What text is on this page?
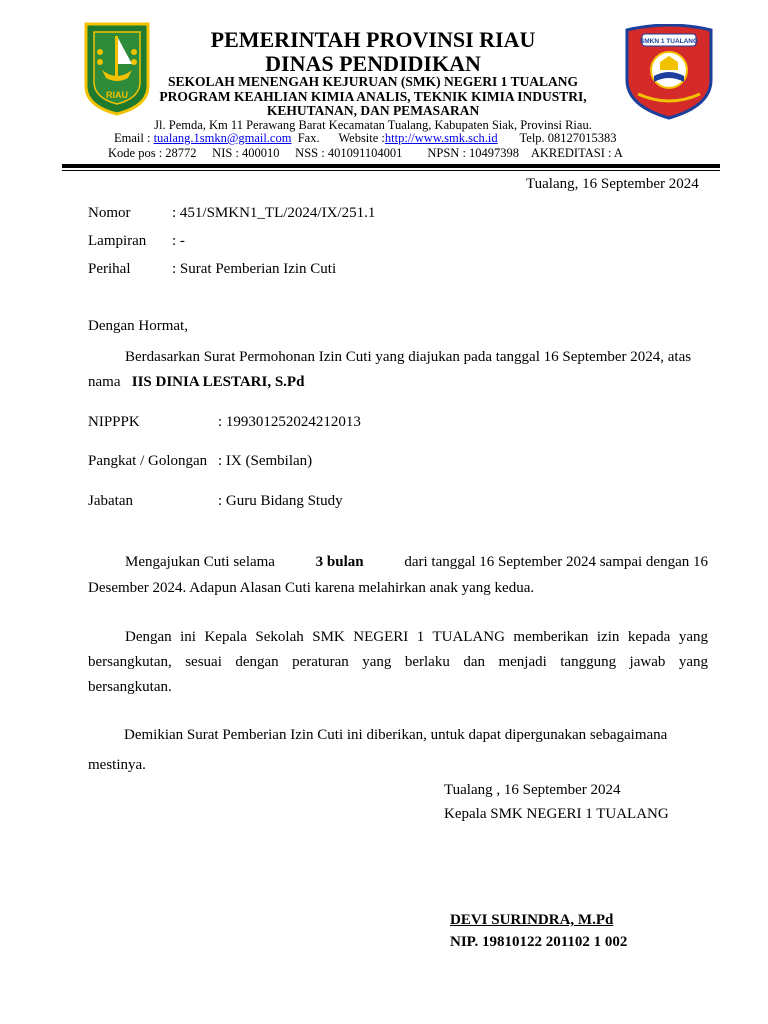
RIAU
SMKN 1 TUALANG
PEMERINTAH PROVINSI RIAU
DINAS PENDIDIKAN
SEKOLAH MENENGAH KEJURUAN (SMK) NEGERI 1 TUALANG
PROGRAM KEAHLIAN KIMIA ANALIS, TEKNIK KIMIA INDUSTRI,
KEHUTANAN, DAN PEMASARAN
Jl. Pemda, Km 11 Perawang Barat Kecamatan Tualang, Kabupaten Siak, Provinsi Riau.
Email : tualang.1smkn@gmail.com Fax. Website :http://www.smk.sch.id Telp. 08127015383
Kode pos : 28772 NIS : 400010 NSS : 401091104001 NPSN : 10497398 AKREDITASI : A
Tualang, 16 September 2024
Nomor	: 451/SMKN1_TL/2024/IX/251.1
Lampiran : -
Perihal	: Surat Pemberian Izin Cuti
Dengan Hormat,
Berdasarkan Surat Permohonan Izin Cuti yang diajukan pada tanggal 16 September 2024, atas
nama IIS DINIA LESTARI, S.Pd
NIPPPK	: 199301252024212013
Pangkat / Golongan : IX (Sembilan)
Jabatan	: Guru Bidang Study
Mengajukan Cuti selama	3 bulan	dari tanggal 16 September 2024 sampai dengan 16
Desember 2024. Adapun Alasan Cuti karena melahirkan anak yang kedua.
Dengan ini Kepala Sekolah SMK NEGERI 1 TUALANG memberikan izin kepada yang
bersangkutan, sesuai dengan peraturan yang berlaku dan menjadi tanggung jawab yang
bersangkutan.
Demikian Surat Pemberian Izin Cuti ini diberikan, untuk dapat dipergunakan sebagaimana
mestinya.
Tualang , 16 September 2024
Kepala SMK NEGERI 1 TUALANG
DEVI SURINDRA, M.Pd
NIP. 19810122 201102 1 002
